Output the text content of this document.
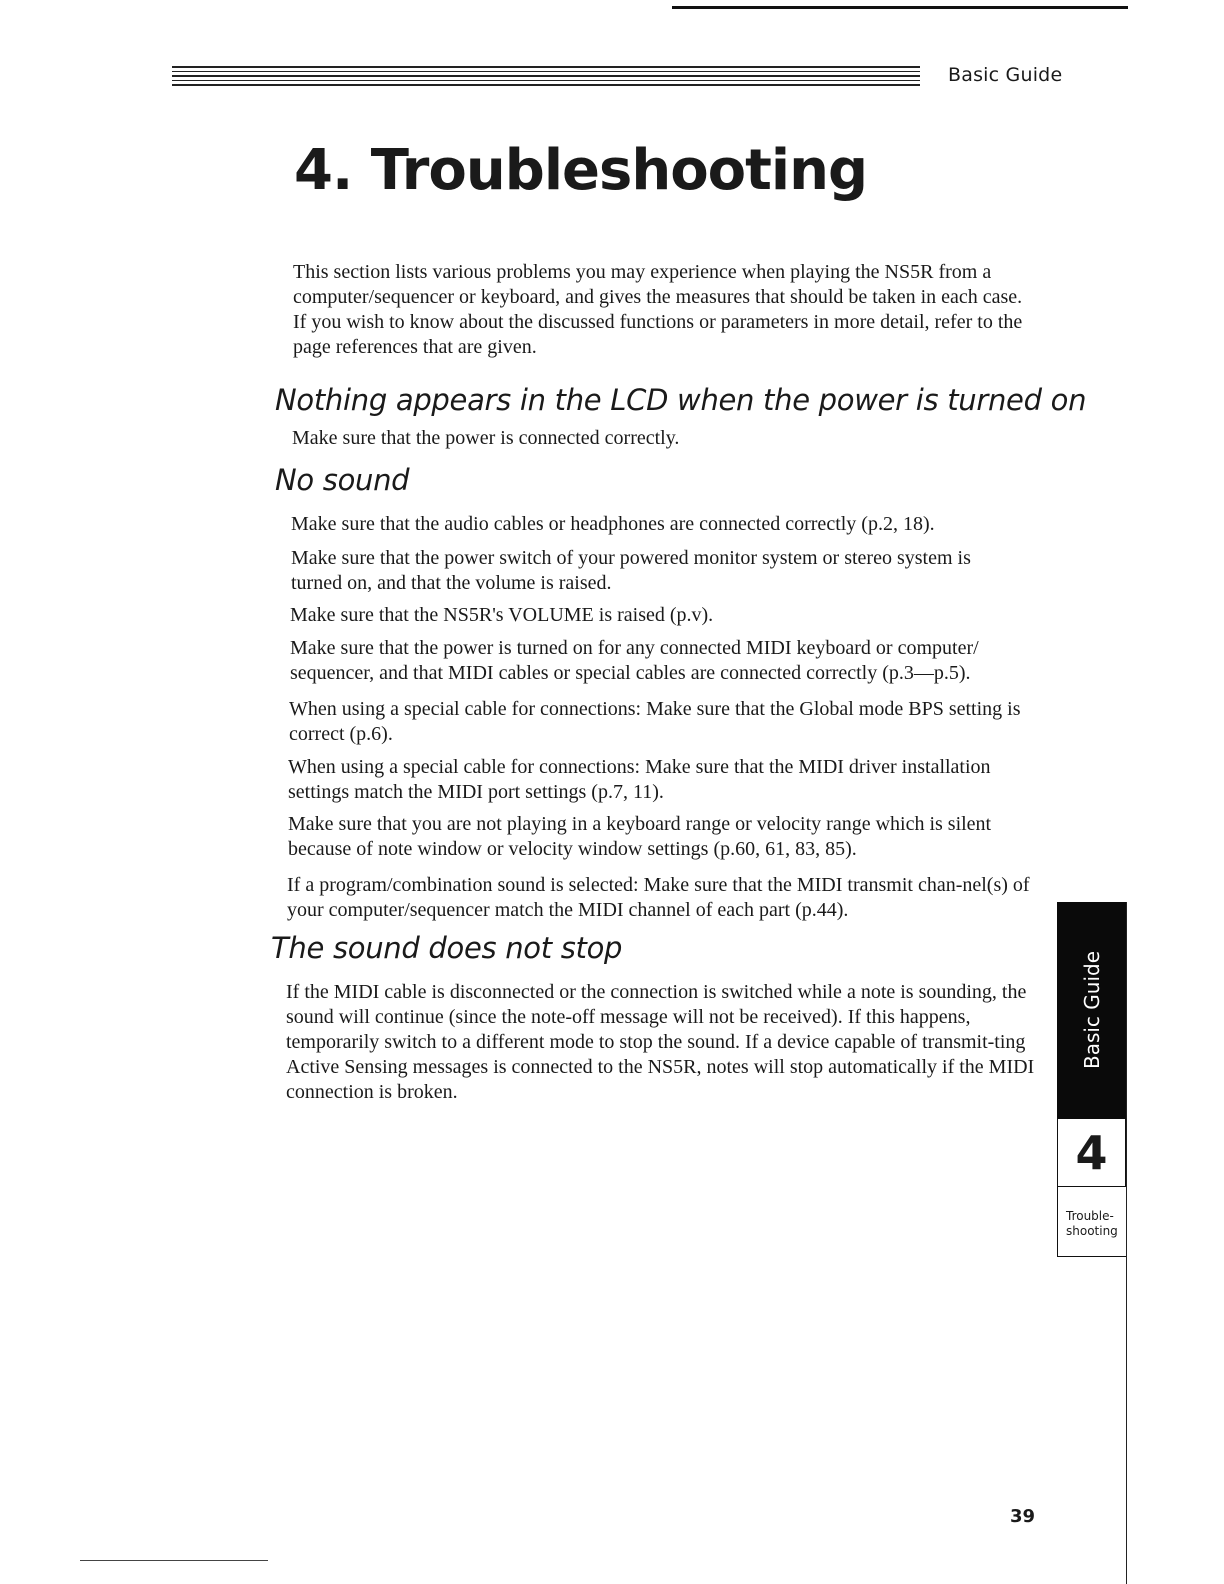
Basic Guide
4. Troubleshooting

This section lists various problems you may experience when playing the NS5R from a computer/sequencer or keyboard, and gives the measures that should be taken in each case. If you wish to know about the discussed functions or parameters in more detail, refer to the page references that are given.

Nothing appears in the LCD when the power is turned on

Make sure that the power is connected correctly.

No sound

Make sure that the audio cables or headphones are connected correctly (p.2, 18).

Make sure that the power switch of your powered monitor system or stereo system is turned on, and that the volume is raised.

Make sure that the NS5R's VOLUME is raised (p.v).

Make sure that the power is turned on for any connected MIDI keyboard or computer/ sequencer, and that MIDI cables or special cables are connected correctly (p.3—p.5).

When using a special cable for connections: Make sure that the Global mode BPS setting is correct (p.6).

When using a special cable for connections: Make sure that the MIDI driver installation settings match the MIDI port settings (p.7, 11).

Make sure that you are not playing in a keyboard range or velocity range which is silent because of note window or velocity window settings (p.60, 61, 83, 85).

If a program/combination sound is selected: Make sure that the MIDI transmit chan-nel(s) of your computer/sequencer match the MIDI channel of each part (p.44).

The sound does not stop

If the MIDI cable is disconnected or the connection is switched while a note is sounding, the sound will continue (since the note-off message will not be received). If this happens, temporarily switch to a different mode to stop the sound. If a device capable of transmit-ting Active Sensing messages is connected to the NS5R, notes will stop automatically if the MIDI connection is broken.

Basic Guide
4
Trouble-
shooting
39
